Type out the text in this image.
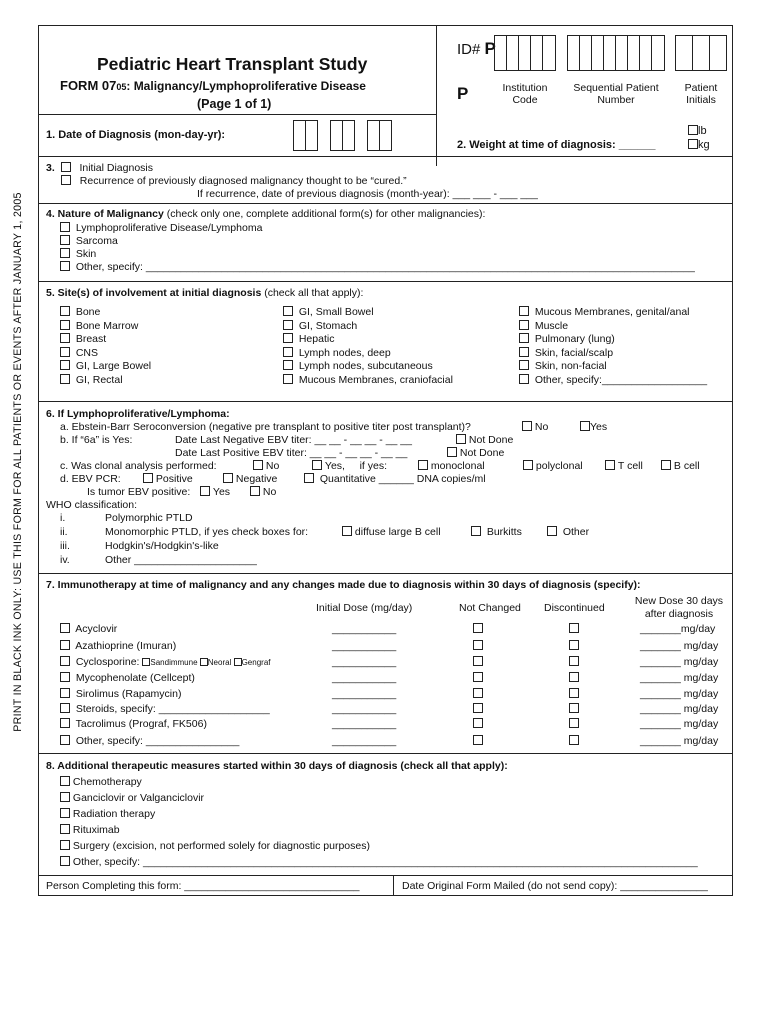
PRINT IN BLACK INK ONLY: USE THIS FORM FOR ALL PATIENTS OR EVENTS AFTER JANUARY 1, 2005
Pediatric Heart Transplant Study
FORM 0705: Malignancy/Lymphoproliferative Disease
(Page 1 of 1)
ID# P
P	Institution Code
Sequential Patient Number
Patient Initials
1. Date of Diagnosis (mon-day-yr):
2. Weight at time of diagnosis: ______
lb
kg
3. Initial Diagnosis
Recurrence of previously diagnosed malignancy thought to be “cured.”
If recurrence, date of previous diagnosis (month-year): ___ ___ - ___ ___
4. Nature of Malignancy (check only one, complete additional form(s) for other malignancies):
Lymphoproliferative Disease/Lymphoma
Sarcoma
Skin
Other, specify: ______________________________________________________________________________________________
5. Site(s) of involvement at initial diagnosis (check all that apply):
Bone
Bone Marrow
Breast
CNS
GI, Large Bowel
GI, Rectal
GI, Small Bowel
GI, Stomach
Hepatic
Lymph nodes, deep
Lymph nodes, subcutaneous
Mucous Membranes, craniofacial
Mucous Membranes, genital/anal
Muscle
Pulmonary (lung)
Skin, facial/scalp
Skin, non-facial
Other, specify:__________________
6. If Lymphoproliferative/Lymphoma:
a. Ebstein-Barr Seroconversion (negative pre transplant to positive titer post transplant)?	No	Yes
b. If “6a” is Yes:	Date Last Negative EBV titer: __ __ - __ __ - __ __
Date Last Positive EBV titer: __ __ - __ __ - __ __
Not Done
Not Done
c. Was clonal analysis performed:	No	Yes, if yes:	monoclonal	polyclonal	T cell	B cell
d. EBV PCR:	Positive	Negative	Quantitative ______ DNA copies/ml
Is tumor EBV positive:	Yes	No
WHO classification:
i.	Polymorphic PTLD
ii.	Monomorphic PTLD, if yes check boxes for:	diffuse large B cell	Burkitts	Other
iii.	Hodgkin's/Hodgkin's-like
iv.	Other _____________________
7. Immunotherapy at time of malignancy and any changes made due to diagnosis within 30 days of diagnosis (specify):
Initial Dose (mg/day)	Not Changed Discontinued
New Dose 30 days
after diagnosis
Acyclovir	___________	_______mg/day
Azathioprine (Imuran)	___________	_______ mg/day
Cyclosporine: Sandimmune Neoral Gengraf	___________	_______ mg/day
Mycophenolate (Cellcept)	___________	_______ mg/day
Sirolimus (Rapamycin)	___________	_______ mg/day
Steroids, specify: ___________________	___________	_______ mg/day
Tacrolimus (Prograf, FK506)	___________	_______ mg/day
Other, specify: ________________	___________	_______ mg/day
8. Additional therapeutic measures started within 30 days of diagnosis (check all that apply):
Chemotherapy
Ganciclovir or Valganciclovir
Radiation therapy
Rituximab
Surgery (excision, not performed solely for diagnostic purposes)
Other, specify: _______________________________________________________________________________________________
Person Completing this form: ______________________________	Date Original Form Mailed (do not send copy): _______________
